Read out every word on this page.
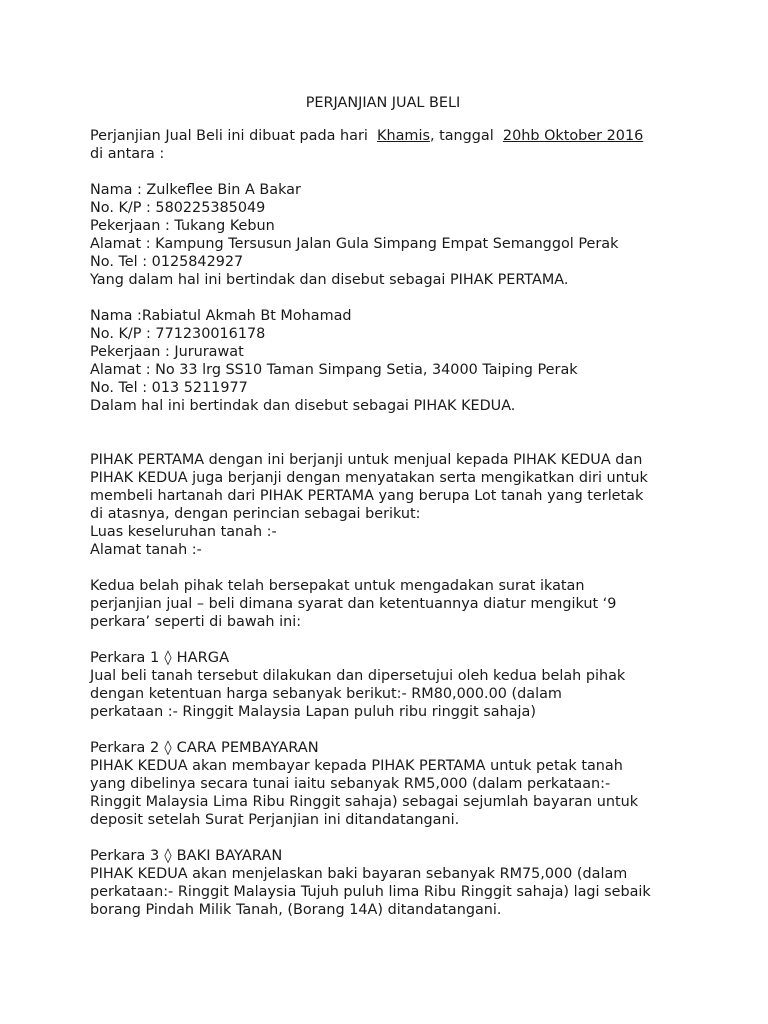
PERJANJIAN JUAL BELI

Perjanjian Jual Beli ini dibuat pada hari Khamis, tanggal 20hb Oktober 2016

di antara :

Nama : Zulkeflee Bin A Bakar

No. K/P : 580225385049

Pekerjaan : Tukang Kebun

Alamat : Kampung Tersusun Jalan Gula Simpang Empat Semanggol Perak

No. Tel : 0125842927

Yang dalam hal ini bertindak dan disebut sebagai PIHAK PERTAMA.

Nama :Rabiatul Akmah Bt Mohamad

No. K/P : 771230016178

Pekerjaan : Jururawat

Alamat : No 33 lrg SS10 Taman Simpang Setia, 34000 Taiping Perak

No. Tel : 013 5211977

Dalam hal ini bertindak dan disebut sebagai PIHAK KEDUA.

PIHAK PERTAMA dengan ini berjanji untuk menjual kepada PIHAK KEDUA dan

PIHAK KEDUA juga berjanji dengan menyatakan serta mengikatkan diri untuk

membeli hartanah dari PIHAK PERTAMA yang berupa Lot tanah yang terletak

di atasnya, dengan perincian sebagai berikut:

Luas keseluruhan tanah :-

Alamat tanah :-

Kedua belah pihak telah bersepakat untuk mengadakan surat ikatan

perjanjian jual – beli dimana syarat dan ketentuannya diatur mengikut ‘9

perkara’ seperti di bawah ini:

Perkara 1 ◊ HARGA

Jual beli tanah tersebut dilakukan dan dipersetujui oleh kedua belah pihak

dengan ketentuan harga sebanyak berikut:- RM80,000.00 (dalam

perkataan :- Ringgit Malaysia Lapan puluh ribu ringgit sahaja)

Perkara 2 ◊ CARA PEMBAYARAN

PIHAK KEDUA akan membayar kepada PIHAK PERTAMA untuk petak tanah

yang dibelinya secara tunai iaitu sebanyak RM5,000 (dalam perkataan:-

Ringgit Malaysia Lima Ribu Ringgit sahaja) sebagai sejumlah bayaran untuk

deposit setelah Surat Perjanjian ini ditandatangani.

Perkara 3 ◊ BAKI BAYARAN

PIHAK KEDUA akan menjelaskan baki bayaran sebanyak RM75,000 (dalam

perkataan:- Ringgit Malaysia Tujuh puluh lima Ribu Ringgit sahaja) lagi sebaik

borang Pindah Milik Tanah, (Borang 14A) ditandatangani.
